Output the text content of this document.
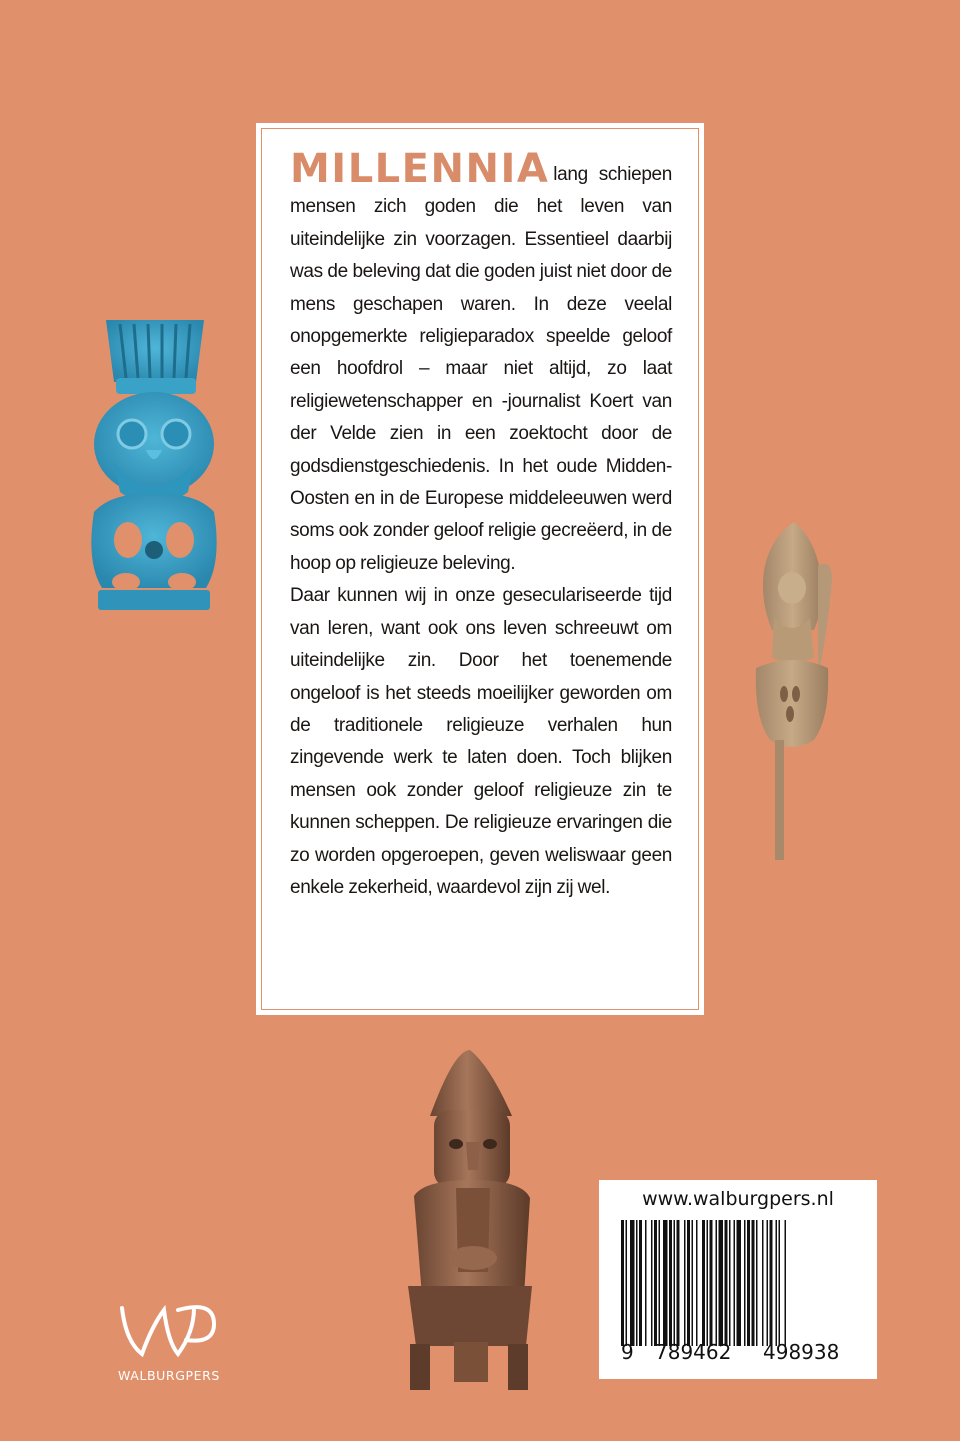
MILLENNIA lang schiepen mensen zich goden die het leven van uiteindelijke zin voorzagen. Essentieel daarbij was de beleving dat die goden juist niet door de mens geschapen waren. In deze veelal onopgemerkte religieparadox speelde geloof een hoofdrol – maar niet altijd, zo laat religiewetenschapper en -journalist Koert van der Velde zien in een zoektocht door de godsdienstgeschiedenis. In het oude Midden-Oosten en in de Europese middeleeuwen werd soms ook zonder geloof religie gecreëerd, in de hoop op religieuze beleving.

Daar kunnen wij in onze geseculariseerde tijd van leren, want ook ons leven schreeuwt om uiteindelijke zin. Door het toenemende ongeloof is het steeds moeilijker geworden om de traditionele religieuze verhalen hun zingevende werk te laten doen. Toch blijken mensen ook zonder geloof religieuze zin te kunnen scheppen. De religieuze ervaringen die zo worden opgeroepen, geven weliswaar geen enkele zekerheid, waardevol zijn zij wel.

www.walburgpers.nl
9 789462 498938
WALBURGPERS
